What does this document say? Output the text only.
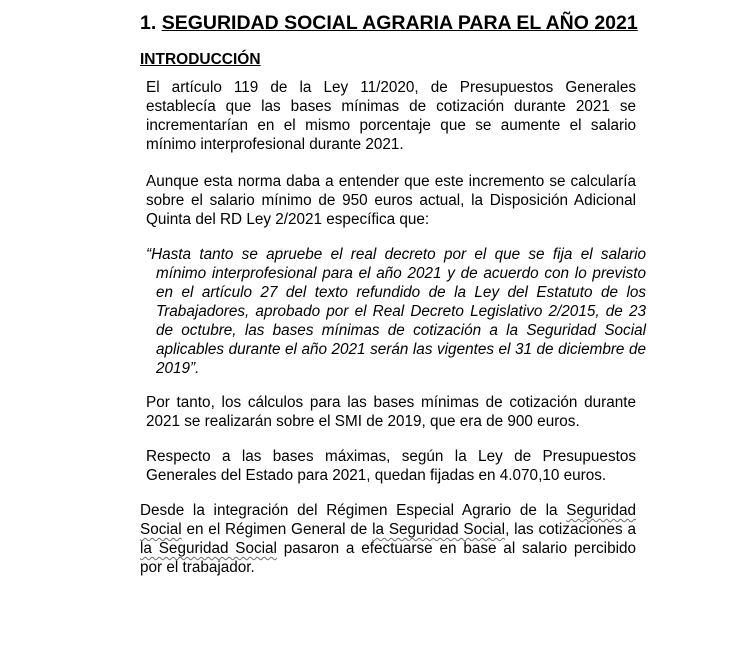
1. SEGURIDAD SOCIAL AGRARIA PARA EL AÑO 2021
INTRODUCCIÓN

El artículo 119 de la Ley 11/2020, de Presupuestos Generales establecía que las bases mínimas de cotización durante 2021 se incrementarían en el mismo porcentaje que se aumente el salario mínimo interprofesional durante 2021.

Aunque esta norma daba a entender que este incremento se calcularía sobre el salario mínimo de 950 euros actual, la Disposición Adicional Quinta del RD Ley 2/2021 específica que:

“Hasta tanto se apruebe el real decreto por el que se fija el salario mínimo interprofesional para el año 2021 y de acuerdo con lo previsto en el artículo 27 del texto refundido de la Ley del Estatuto de los Trabajadores, aprobado por el Real Decreto Legislativo 2/2015, de 23 de octubre, las bases mínimas de cotización a la Seguridad Social aplicables durante el año 2021 serán las vigentes el 31 de diciembre de 2019”.

Por tanto, los cálculos para las bases mínimas de cotización durante 2021 se realizarán sobre el SMI de 2019, que era de 900 euros.

Respecto a las bases máximas, según la Ley de Presupuestos Generales del Estado para 2021, quedan fijadas en 4.070,10 euros.

Desde la integración del Régimen Especial Agrario de la Seguridad Social en el Régimen General de la Seguridad Social, las cotizaciones a la Seguridad Social pasaron a efectuarse en base al salario percibido por el trabajador.
